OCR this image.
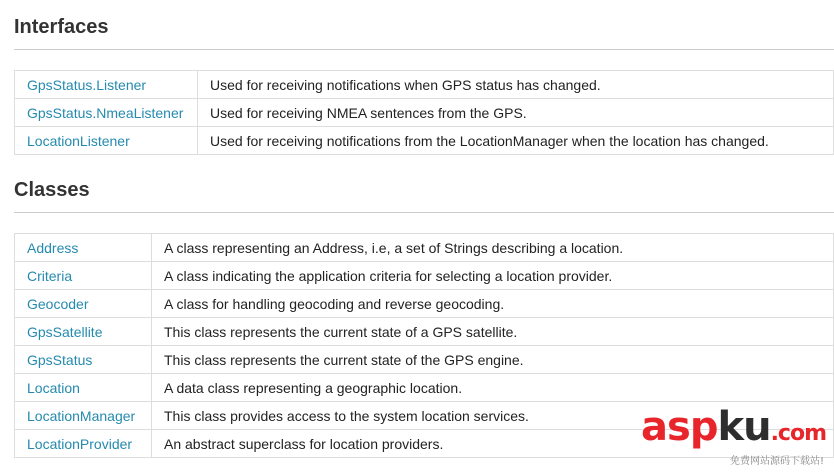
Interfaces
GpsStatus.Listener	Used for receiving notifications when GPS status has changed.
GpsStatus.NmeaListener	Used for receiving NMEA sentences from the GPS.
LocationListener	Used for receiving notifications from the LocationManager when the location has changed.
Classes
Address	A class representing an Address, i.e, a set of Strings describing a location.
Criteria	A class indicating the application criteria for selecting a location provider.
Geocoder	A class for handling geocoding and reverse geocoding.
GpsSatellite	This class represents the current state of a GPS satellite.
GpsStatus	This class represents the current state of the GPS engine.
Location	A data class representing a geographic location.
LocationManager	This class provides access to the system location services.
LocationProvider	An abstract superclass for location providers.	aspku.com
免费网站源码下载站!
